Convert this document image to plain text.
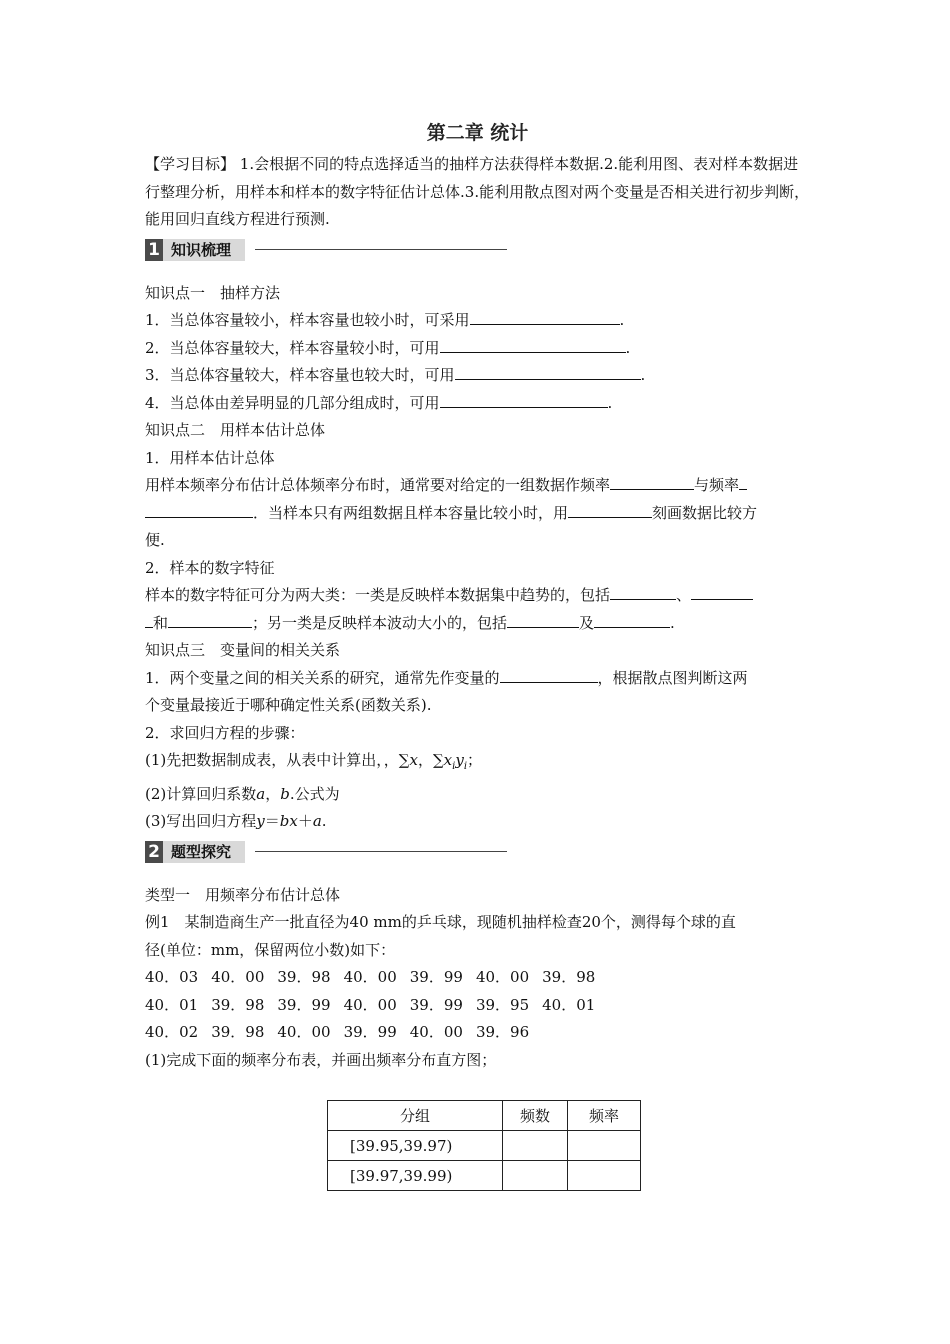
第二章 统计

【学习目标】 1.会根据不同的特点选择适当的抽样方法获得样本数据.2.能利用图、表对样本数据进行整理分析，用样本和样本的数字特征估计总体.3.能利用散点图对两个变量是否相关进行初步判断，能用回归直线方程进行预测.

1 知识梳理

知识点一　抽样方法

1．当总体容量较小，样本容量也较小时，可采用	.

2．当总体容量较大，样本容量较小时，可用	.

3．当总体容量较大，样本容量也较大时，可用	.

4．当总体由差异明显的几部分组成时，可用	.

知识点二　用样本估计总体

1．用样本估计总体

用样本频率分布估计总体频率分布时，通常要对给定的一组数据作频率	与频率

．当样本只有两组数据且样本容量比较小时，用	刻画数据比较方

便.

2．样本的数字特征

样本的数字特征可分为两大类：一类是反映样本数据集中趋势的，包括	、

和	；另一类是反映样本波动大小的，包括	及	.

知识点三　变量间的相关关系

1．两个变量之间的相关关系的研究，通常先作变量的	，根据散点图判断这两

个变量最接近于哪种确定性关系(函数关系).

2．求回归方程的步骤：

(1)先把数据制成表，从表中计算出，，∑x，$\sum x_iy_i$；

(2)计算回归系数a，b.公式为

(3)写出回归方程y＝bx＋a.

2 题型探究

类型一　用频率分布估计总体

例1　某制造商生产一批直径为40 mm的乒乓球，现随机抽样检查20个，测得每个球的直

径(单位：mm，保留两位小数)如下：

40．03 40．00 39．98 40．00 39．99 40．00 39．98

40．01 39．98 39．99 40．00 39．99 39．95 40．01

40．02 39．98 40．00 39．99 40．00 39．96

(1)完成下面的频率分布表，并画出频率分布直方图；

分组	频数	频率
[39.95,39.97)		
[39.97,39.99)		
